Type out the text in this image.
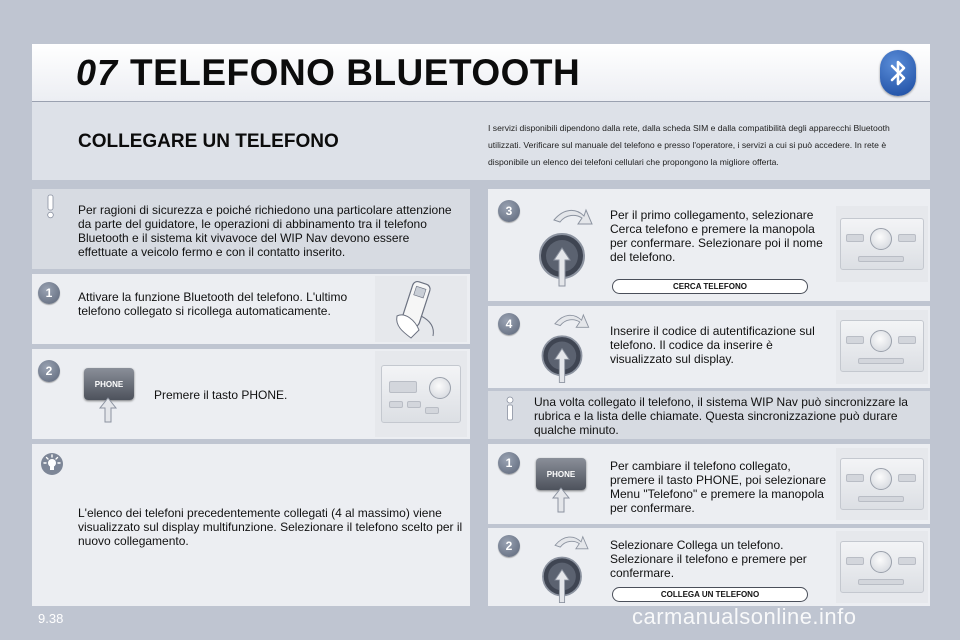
07 TELEFONO BLUETOOTH
COLLEGARE UN TELEFONO
I servizi disponibili dipendono dalla rete, dalla scheda SIM e dalla compatibilità degli apparecchi Bluetooth utilizzati. Verificare sul manuale del telefono e presso l'operatore, i servizi a cui si può accedere. In rete è disponibile un elenco dei telefoni cellulari che propongono la migliore offerta.
Per ragioni di sicurezza e poiché richiedono una particolare attenzione da parte del guidatore, le operazioni di abbinamento tra il telefono Bluetooth e il sistema kit vivavoce del WIP Nav devono essere effettuate a veicolo fermo e con il contatto inserito.
1	Attivare la funzione Bluetooth del telefono. L'ultimo telefono collegato si ricollega automaticamente.
2
PHONE
Premere il tasto PHONE.
L'elenco dei telefoni precedentemente collegati (4 al massimo) viene visualizzato sul display multifunzione. Selezionare il telefono scelto per il nuovo collegamento.
3	Per il primo collegamento, selezionare Cerca telefono e premere la manopola per confermare. Selezionare poi il nome del telefono.
CERCA TELEFONO
4	Inserire il codice di autentificazione sul telefono. Il codice da inserire è visualizzato sul display.
Una volta collegato il telefono, il sistema WIP Nav può sincronizzare la rubrica e la lista delle chiamate. Questa sincronizzazione può durare qualche minuto.
1
PHONE
Per cambiare il telefono collegato, premere il tasto PHONE, poi selezionare Menu "Telefono" e premere la manopola per confermare.
2	Selezionare Collega un telefono. Selezionare il telefono e premere per confermare.
COLLEGA UN TELEFONO
9.38	carmanualsonline.info
